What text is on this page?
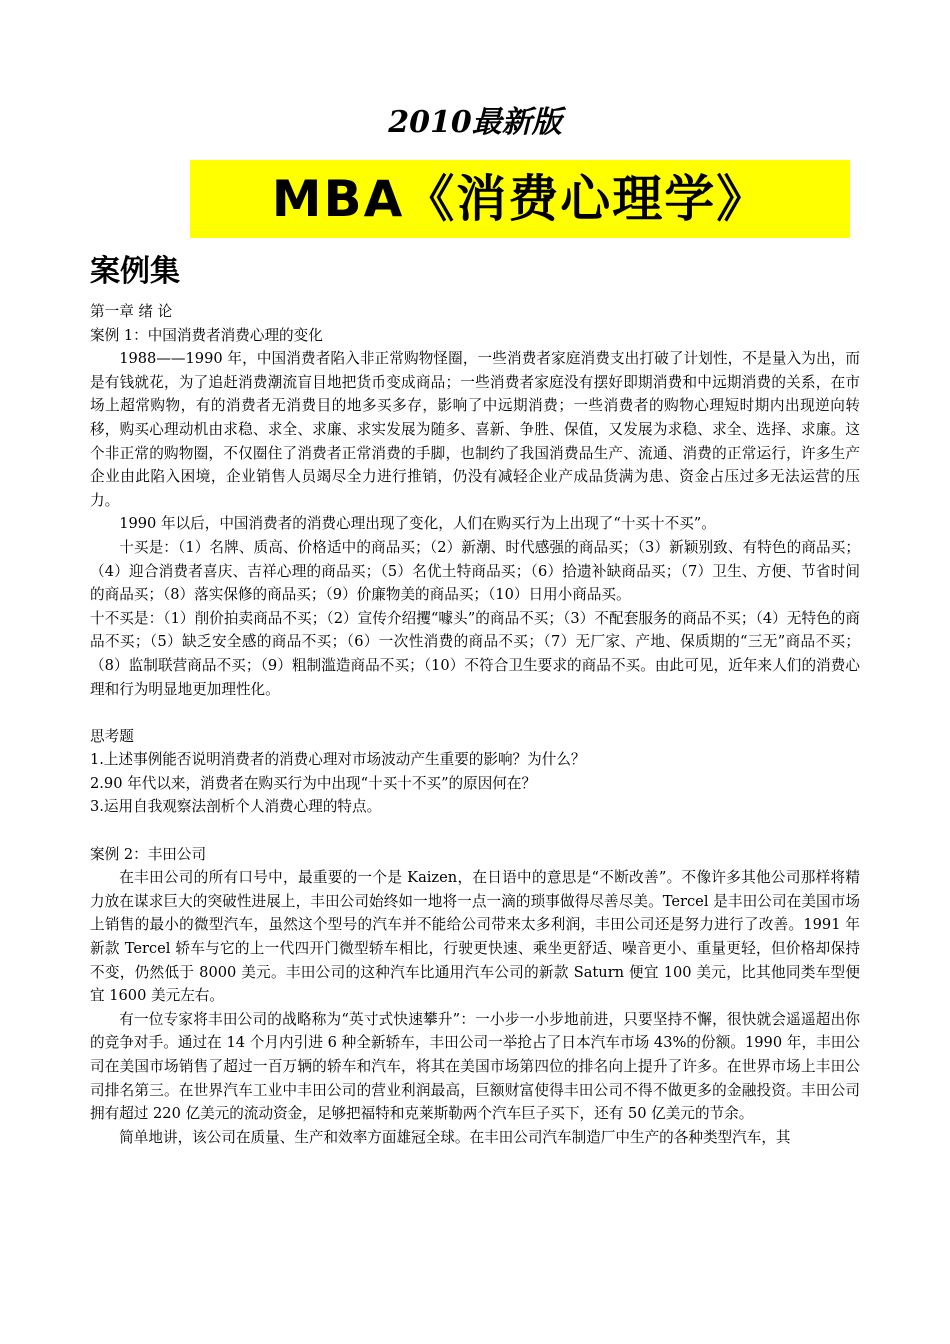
2010最新版
MBA《消费心理学》
案例集

第一章 绪 论

案例 1：中国消费者消费心理的变化

1988——1990 年，中国消费者陷入非正常购物怪圈，一些消费者家庭消费支出打破了计划性，不是量入为出，而是有钱就花，为了追赶消费潮流盲目地把货币变成商品；一些消费者家庭没有摆好即期消费和中远期消费的关系，在市场上超常购物，有的消费者无消费目的地多买多存，影响了中远期消费；一些消费者的购物心理短时期内出现逆向转移，购买心理动机由求稳、求全、求廉、求实发展为随多、喜新、争胜、保值，又发展为求稳、求全、选择、求廉。这个非正常的购物圈，不仅圈住了消费者正常消费的手脚，也制约了我国消费品生产、流通、消费的正常运行，许多生产企业由此陷入困境，企业销售人员竭尽全力进行推销，仍没有减轻企业产成品货满为患、资金占压过多无法运营的压力。

1990 年以后，中国消费者的消费心理出现了变化，人们在购买行为上出现了“十买十不买”。

十买是：（1）名牌、质高、价格适中的商品买；（2）新潮、时代感强的商品买；（3）新颖别致、有特色的商品买；（4）迎合消费者喜庆、吉祥心理的商品买；（5）名优土特商品买；（6）拾遗补缺商品买；（7）卫生、方便、节省时间的商品买；（8）落实保修的商品买；（9）价廉物美的商品买；（10）日用小商品买。

十不买是：（1）削价拍卖商品不买；（2）宣传介绍攫“噱头”的商品不买；（3）不配套服务的商品不买；（4）无特色的商品不买；（5）缺乏安全感的商品不买；（6）一次性消费的商品不买；（7）无厂家、产地、保质期的“三无”商品不买；（8）监制联营商品不买；（9）粗制滥造商品不买；（10）不符合卫生要求的商品不买。由此可见，近年来人们的消费心理和行为明显地更加理性化。

思考题

1.上述事例能否说明消费者的消费心理对市场波动产生重要的影响？为什么？

2.90 年代以来，消费者在购买行为中出现“十买十不买”的原因何在？

3.运用自我观察法剖析个人消费心理的特点。

案例 2：丰田公司

在丰田公司的所有口号中，最重要的一个是 Kaizen，在日语中的意思是“不断改善”。不像许多其他公司那样将精力放在谋求巨大的突破性进展上，丰田公司始终如一地将一点一滴的琐事做得尽善尽美。Tercel 是丰田公司在美国市场上销售的最小的微型汽车，虽然这个型号的汽车并不能给公司带来太多利润，丰田公司还是努力进行了改善。1991 年新款 Tercel 轿车与它的上一代四开门微型轿车相比，行驶更快速、乘坐更舒适、噪音更小、重量更轻，但价格却保持不变，仍然低于 8000 美元。丰田公司的这种汽车比通用汽车公司的新款 Saturn 便宜 100 美元，比其他同类车型便宜 1600 美元左右。

有一位专家将丰田公司的战略称为“英寸式快速攀升”：一小步一小步地前进，只要坚持不懈，很快就会遥遥超出你的竞争对手。通过在 14 个月内引进 6 种全新轿车，丰田公司一举抢占了日本汽车市场 43%的份额。1990 年，丰田公司在美国市场销售了超过一百万辆的轿车和汽车，将其在美国市场第四位的排名向上提升了许多。在世界市场上丰田公司排名第三。在世界汽车工业中丰田公司的营业利润最高，巨额财富使得丰田公司不得不做更多的金融投资。丰田公司拥有超过 220 亿美元的流动资金，足够把福特和克莱斯勒两个汽车巨子买下，还有 50 亿美元的节余。

简单地讲，该公司在质量、生产和效率方面雄冠全球。在丰田公司汽车制造厂中生产的各种类型汽车，其
